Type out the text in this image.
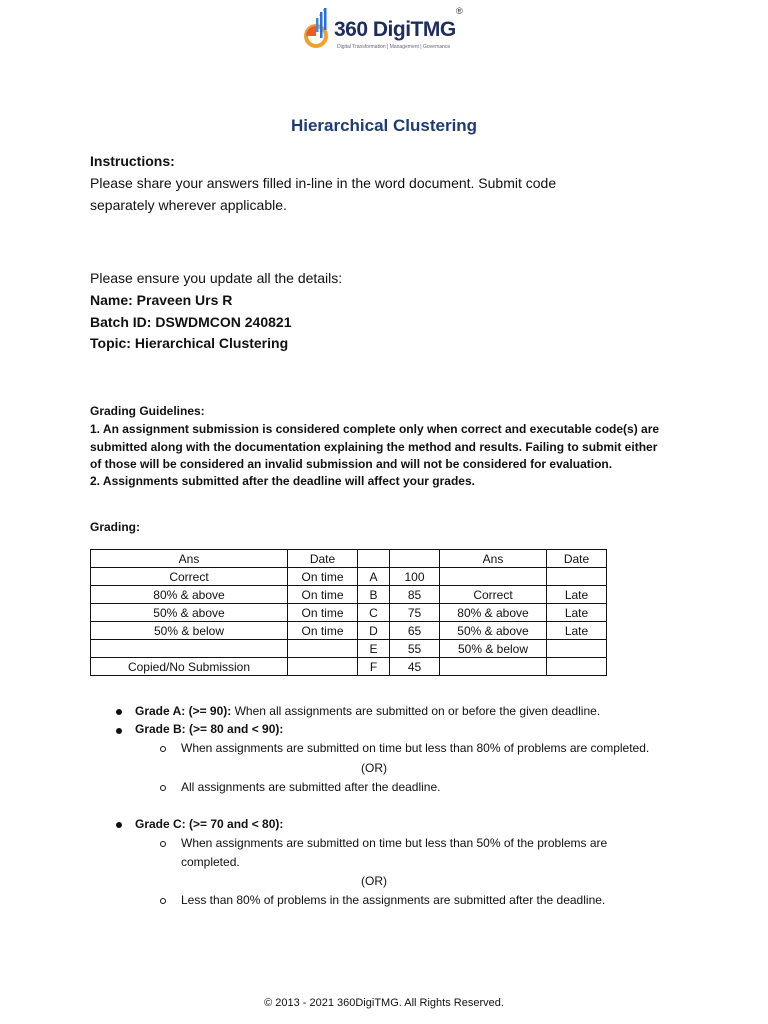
360 DigiTMG
®
Digital Transformation | Management | Governance
Hierarchical Clustering
Instructions:
Please share your answers filled in-line in the word document. Submit code
separately wherever applicable.
Please ensure you update all the details:
Name: Praveen Urs R
Batch ID: DSWDMCON 240821
Topic: Hierarchical Clustering
Grading Guidelines:
1. An assignment submission is considered complete only when correct and executable code(s) are
submitted along with the documentation explaining the method and results. Failing to submit either
of those will be considered an invalid submission and will not be considered for evaluation.
2. Assignments submitted after the deadline will affect your grades.
Grading:
Ans	Date			Ans	Date
Correct	On time	A	100		
80% & above	On time	B	85	Correct	Late
50% & above	On time	C	75	80% & above	Late
50% & below	On time	D	65	50% & above	Late
		E	55	50% & below	
Copied/No Submission		F	45		
Grade A: (>= 90): When all assignments are submitted on or before the given deadline.
Grade B: (>= 80 and < 90):
When assignments are submitted on time but less than 80% of problems are completed.
(OR)
All assignments are submitted after the deadline.
Grade C: (>= 70 and < 80):
When assignments are submitted on time but less than 50% of the problems are
completed.
(OR)
Less than 80% of problems in the assignments are submitted after the deadline.
© 2013 - 2021 360DigiTMG. All Rights Reserved.
